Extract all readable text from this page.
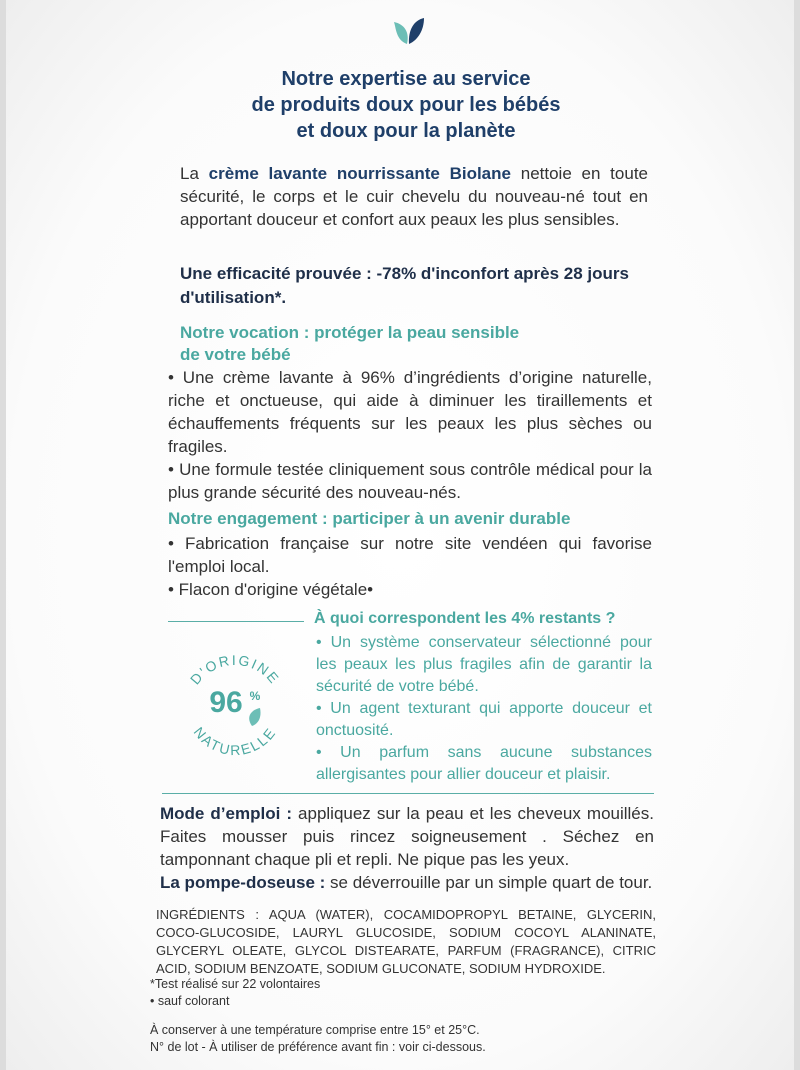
Notre expertise au service
de produits doux pour les bébés
et doux pour la planète
La crème lavante nourrissante Biolane nettoie en toute sécurité, le corps et le cuir chevelu du nouveau-né tout en apportant douceur et confort aux peaux les plus sensibles.
Une efficacité prouvée : -78% d'inconfort après 28 jours d'utilisation*.
Notre vocation : protéger la peau sensible
de votre bébé

• Une crème lavante à 96% d’ingrédients d’origine naturelle, riche et onctueuse, qui aide à diminuer les tiraillements et échauffements fréquents sur les peaux les plus sèches ou fragiles.

• Une formule testée cliniquement sous contrôle médical pour la plus grande sécurité des nouveau-nés.

Notre engagement : participer à un avenir durable

• Fabrication française sur notre site vendéen qui favorise l'emploi local.

• Flacon d'origine végétale•

D'ORIGINE
NATURELLE
96 %
À quoi correspondent les 4% restants ?

• Un système conservateur sélectionné pour les peaux les plus fragiles afin de garantir la sécurité de votre bébé.

• Un agent texturant qui apporte douceur et onctuosité.

• Un parfum sans aucune substances allergisantes pour allier douceur et plaisir.

Mode d’emploi : appliquez sur la peau et les cheveux mouillés. Faites mousser puis rincez soigneusement . Séchez en tamponnant chaque pli et repli. Ne pique pas les yeux.

La pompe-doseuse : se déverrouille par un simple quart de tour.

INGRÉDIENTS : AQUA (WATER), COCAMIDOPROPYL BETAINE, GLYCERIN, COCO-GLUCOSIDE, LAURYL GLUCOSIDE, SODIUM COCOYL ALANINATE, GLYCERYL OLEATE, GLYCOL DISTEARATE, PARFUM (FRAGRANCE), CITRIC ACID, SODIUM BENZOATE, SODIUM GLUCONATE, SODIUM HYDROXIDE.

*Test réalisé sur 22 volontaires

• sauf colorant

À conserver à une température comprise entre 15° et 25°C.

N° de lot - À utiliser de préférence avant fin : voir ci-dessous.
